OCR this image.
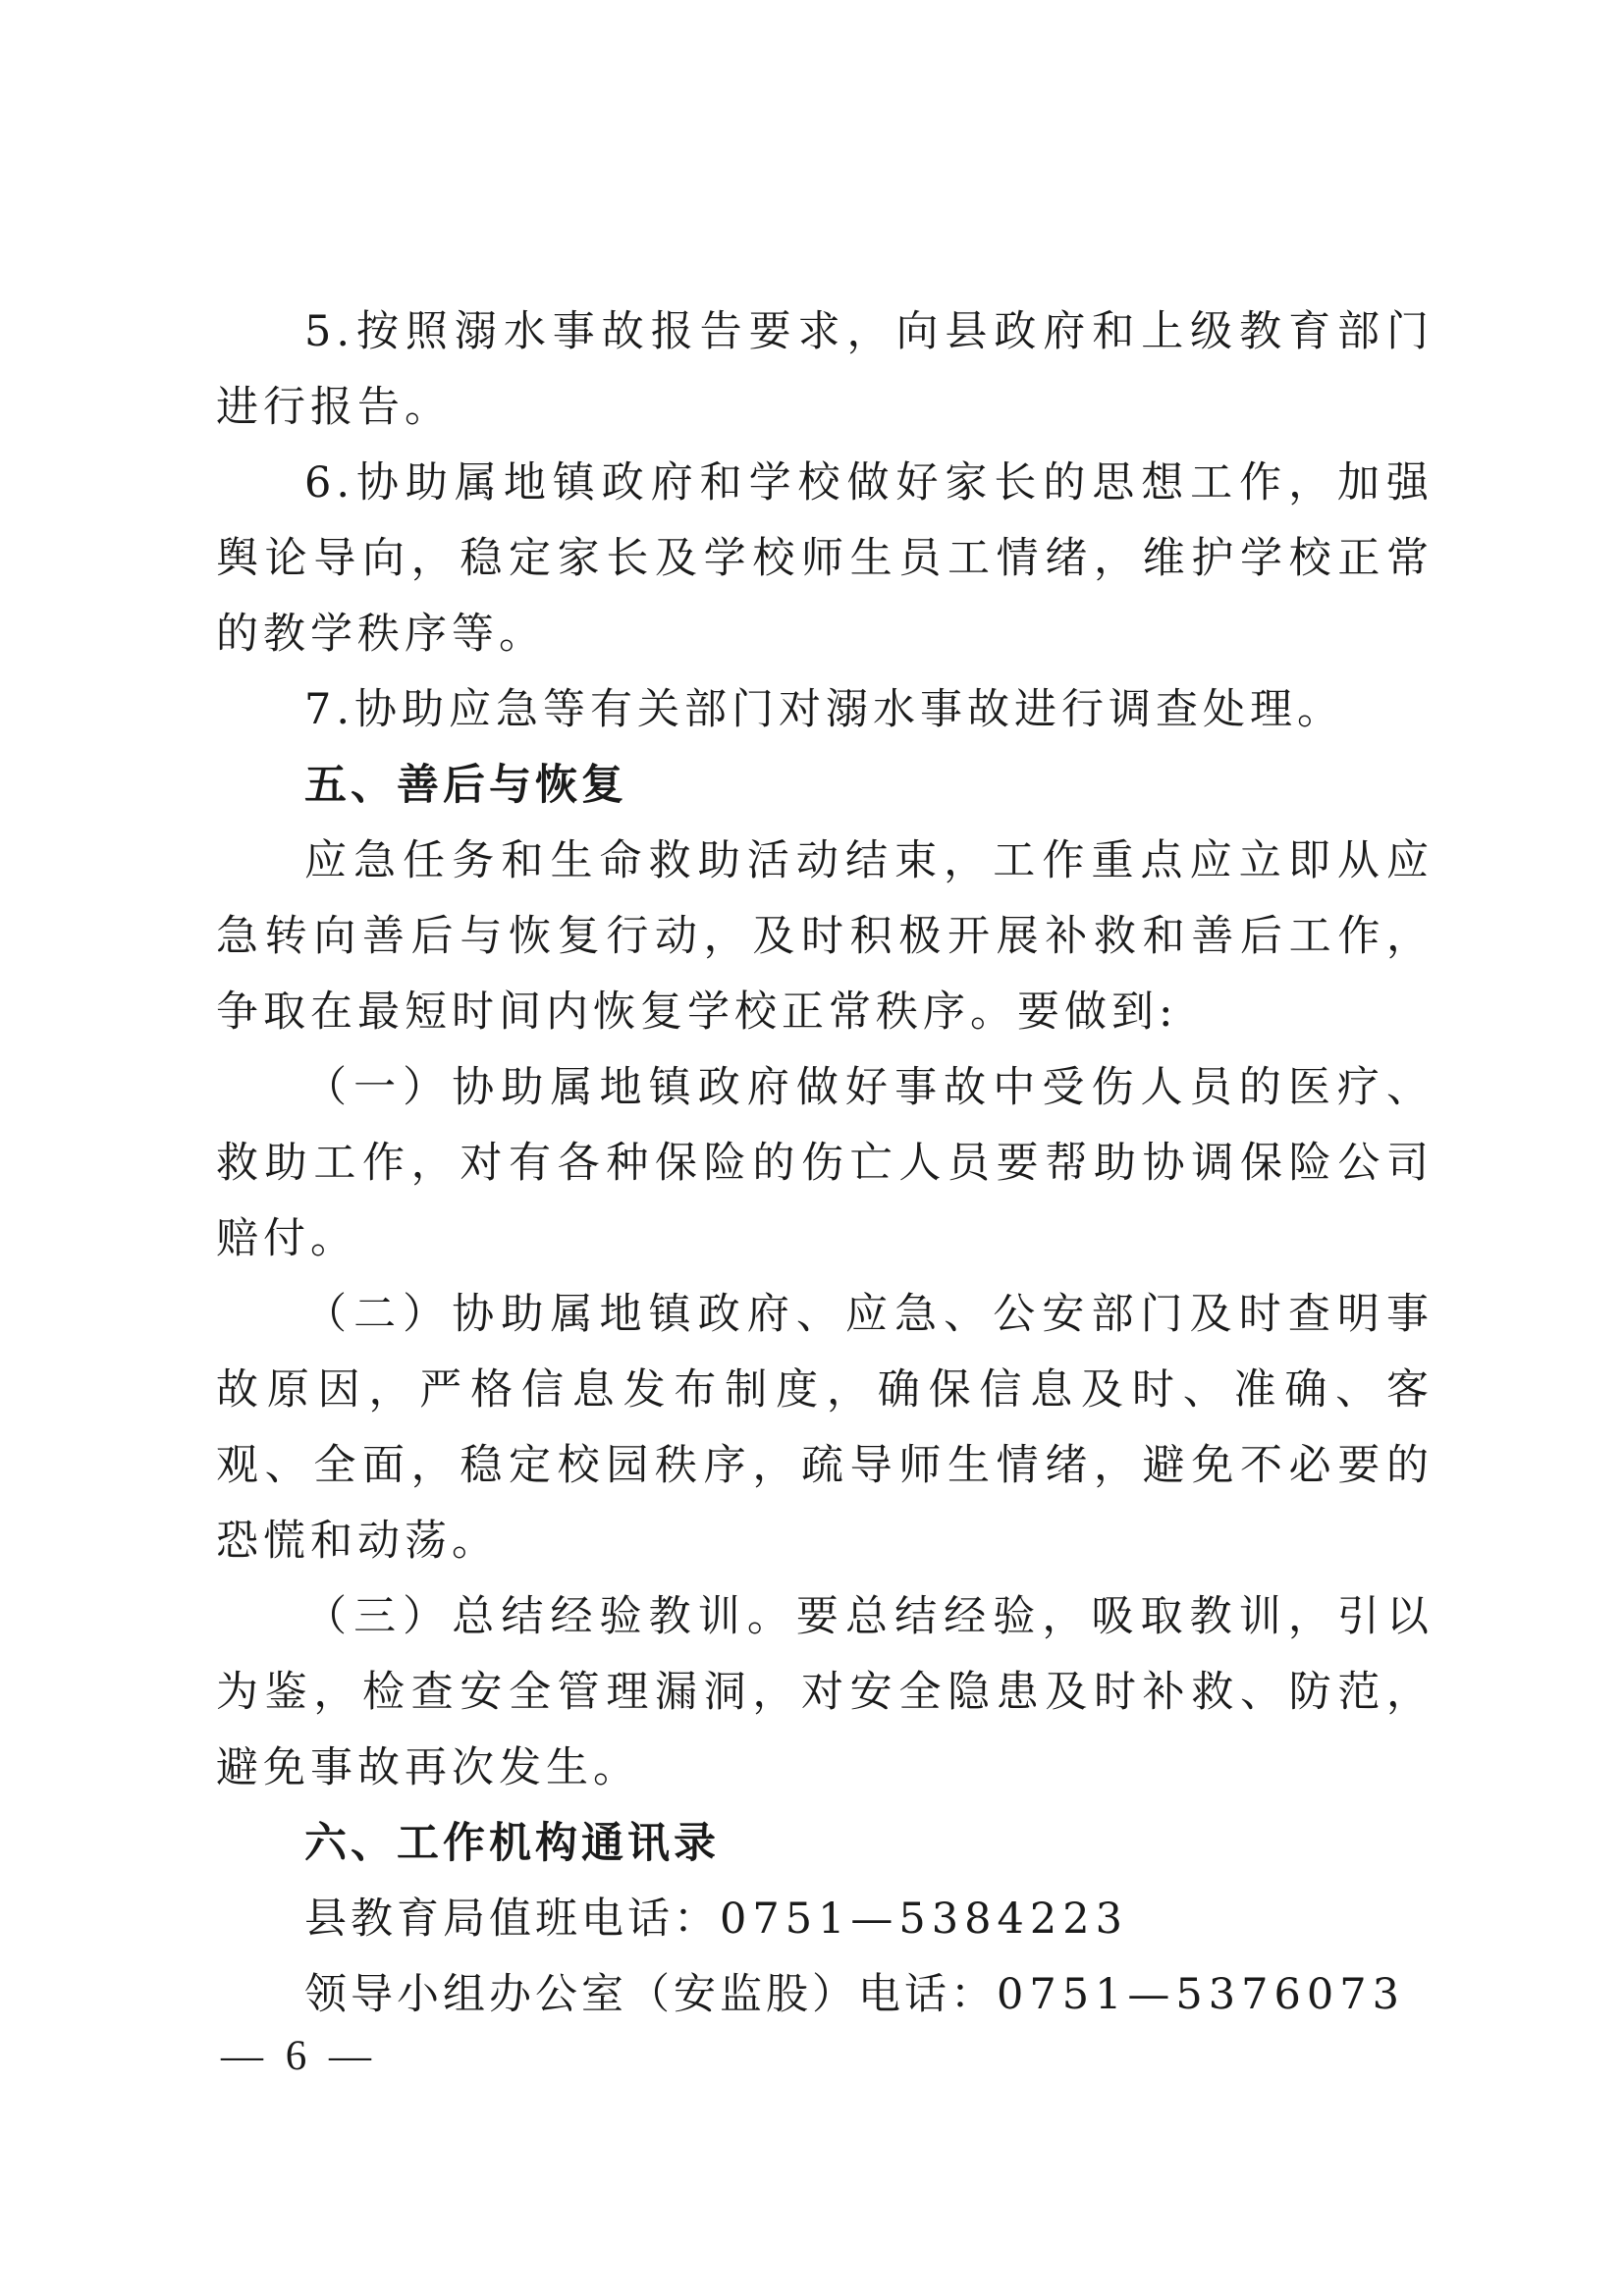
5.按照溺水事故报告要求，向县政府和上级教育部门进行报告。

6.协助属地镇政府和学校做好家长的思想工作，加强舆论导向，稳定家长及学校师生员工情绪，维护学校正常的教学秩序等。

7.协助应急等有关部门对溺水事故进行调查处理。

五、善后与恢复

应急任务和生命救助活动结束，工作重点应立即从应急转向善后与恢复行动，及时积极开展补救和善后工作，争取在最短时间内恢复学校正常秩序。要做到:

（一）协助属地镇政府做好事故中受伤人员的医疗、救助工作，对有各种保险的伤亡人员要帮助协调保险公司赔付。

（二）协助属地镇政府、应急、公安部门及时查明事故原因，严格信息发布制度，确保信息及时、准确、客观、全面，稳定校园秩序，疏导师生情绪，避免不必要的恐慌和动荡。

（三）总结经验教训。要总结经验，吸取教训，引以为鉴，检查安全管理漏洞，对安全隐患及时补救、防范，避免事故再次发生。

六、工作机构通讯录

县教育局值班电话：0751—5384223

领导小组办公室（安监股）电话：0751—5376073

— 6 —
